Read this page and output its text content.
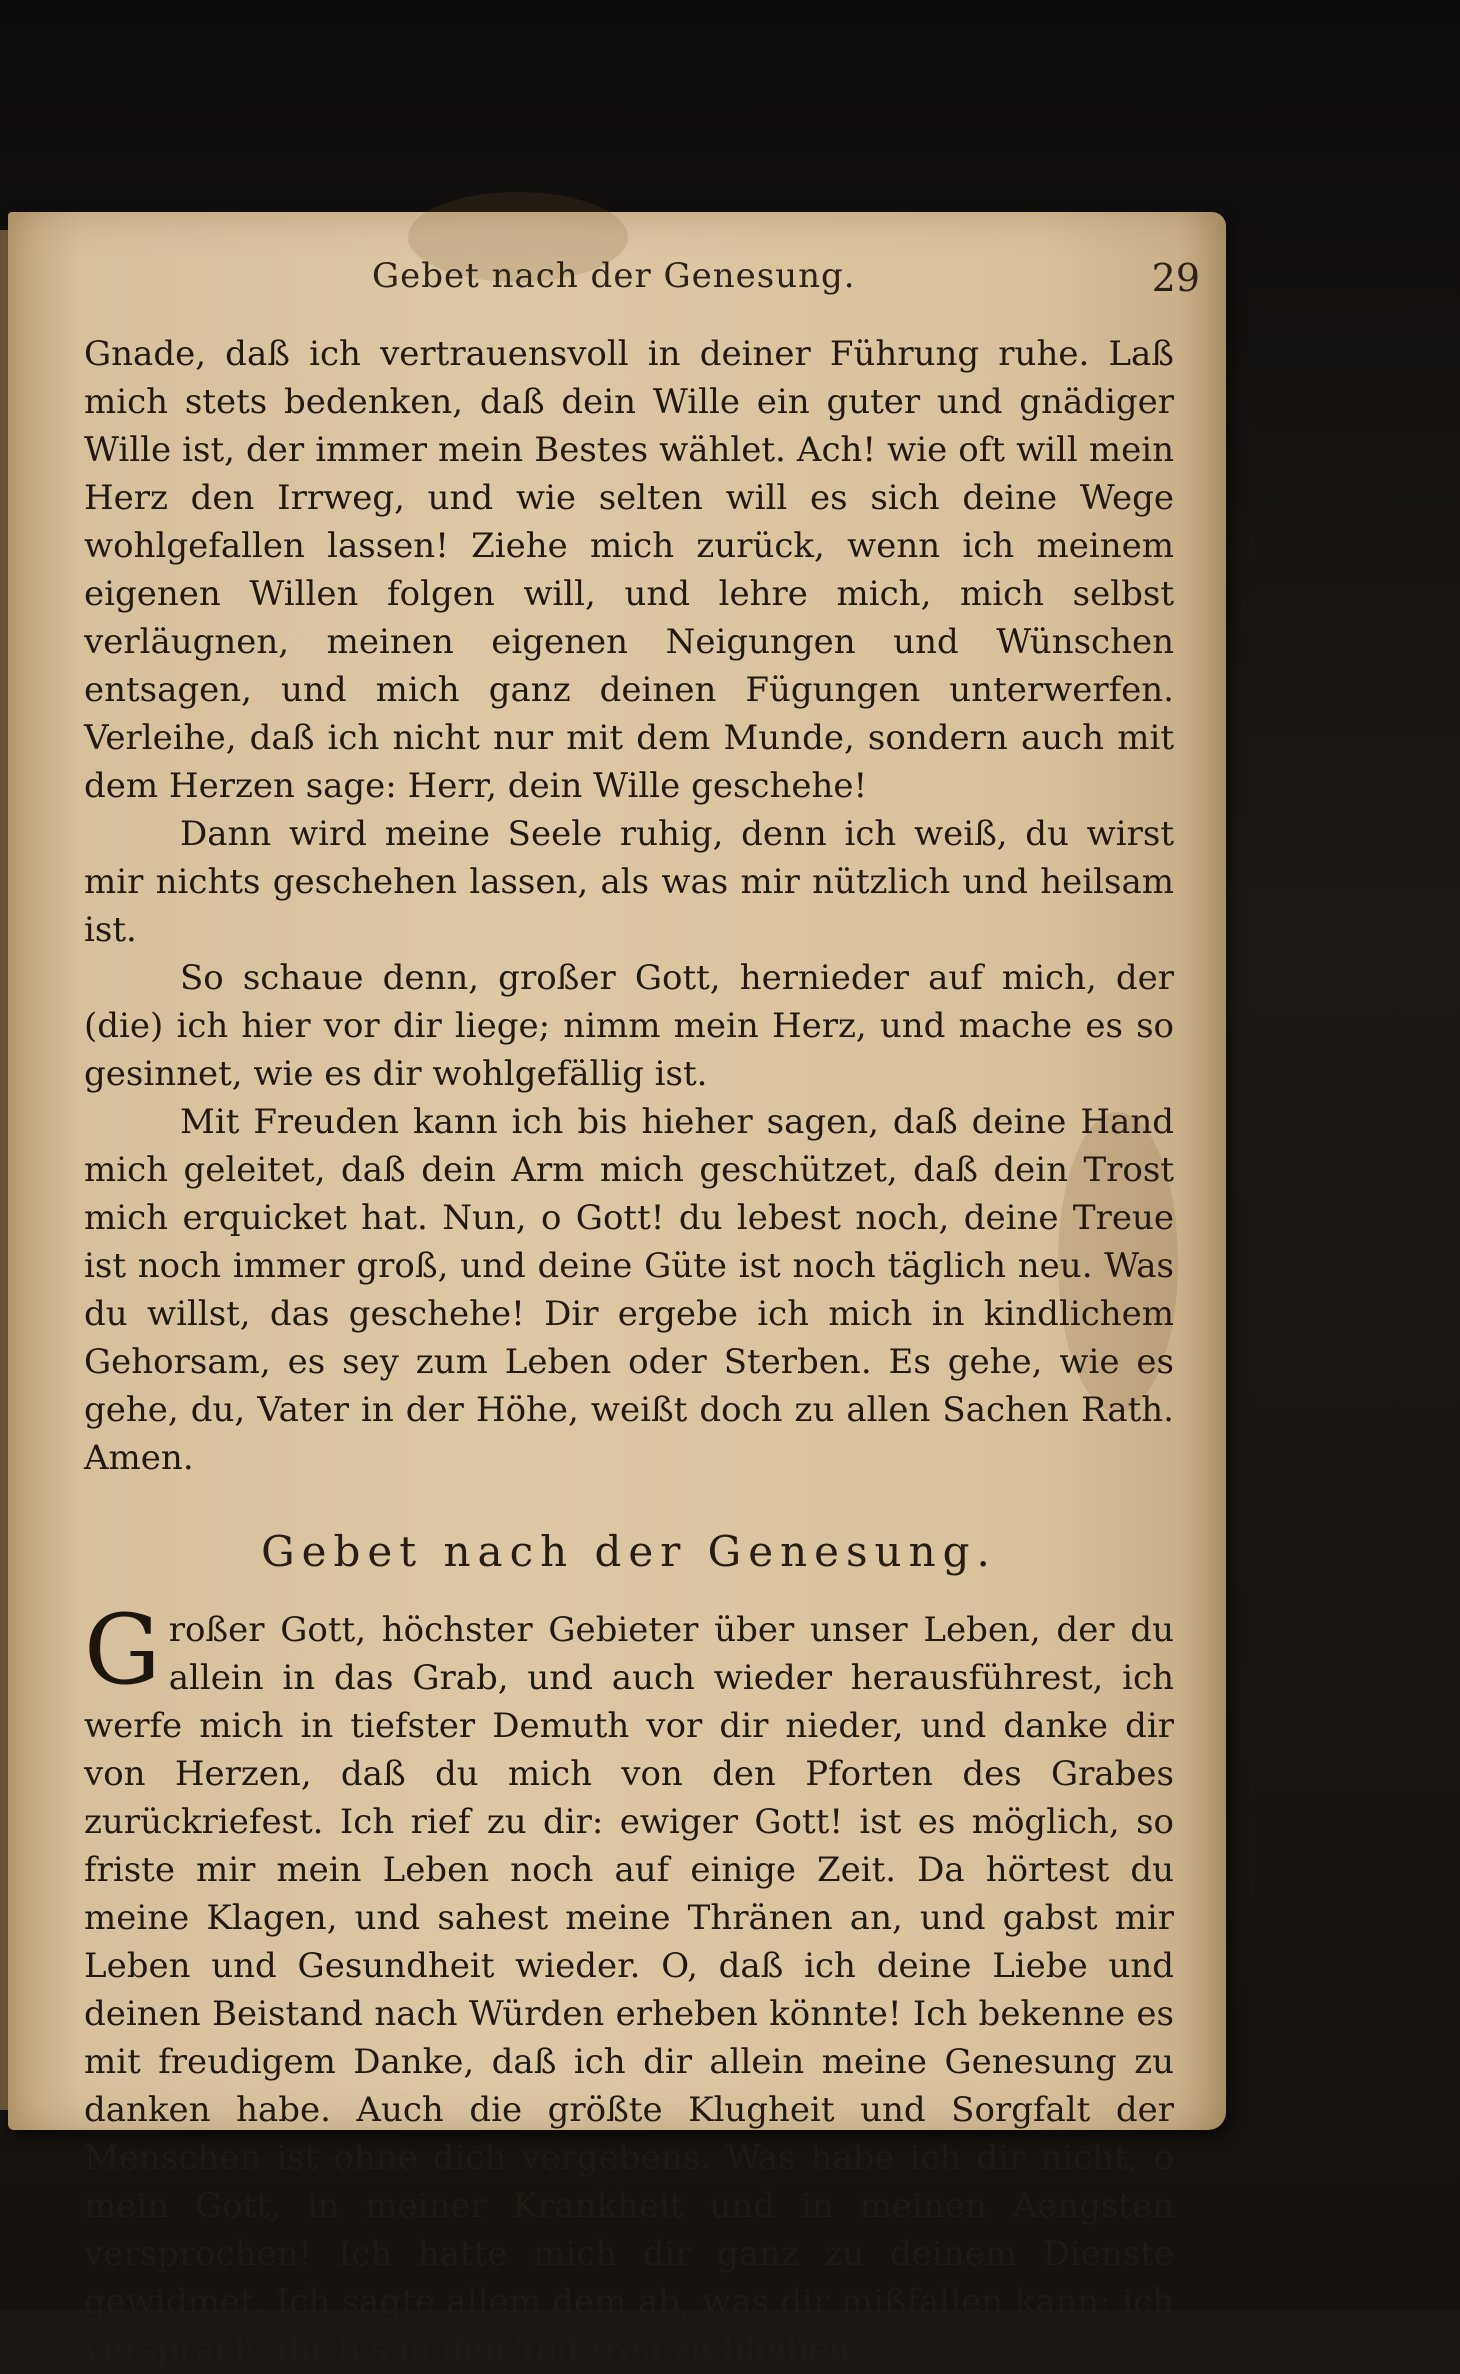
Gebet nach der Genesung.	29

Gnade, daß ich vertrauensvoll in deiner Führung ruhe. Laß mich stets bedenken, daß dein Wille ein guter und gnädiger Wille ist, der immer mein Bestes wählet. Ach! wie oft will mein Herz den Irrweg, und wie selten will es sich deine Wege wohlgefallen lassen! Ziehe mich zurück, wenn ich meinem eigenen Willen folgen will, und lehre mich, mich selbst verläugnen, meinen eigenen Neigungen und Wünschen entsagen, und mich ganz deinen Fügungen unterwerfen. Verleihe, daß ich nicht nur mit dem Munde, sondern auch mit dem Herzen sage: Herr, dein Wille geschehe!

Dann wird meine Seele ruhig, denn ich weiß, du wirst mir nichts geschehen lassen, als was mir nützlich und heilsam ist.

So schaue denn, großer Gott, hernieder auf mich, der (die) ich hier vor dir liege; nimm mein Herz, und mache es so gesinnet, wie es dir wohlgefällig ist.

Mit Freuden kann ich bis hieher sagen, daß deine Hand mich geleitet, daß dein Arm mich geschützet, daß dein Trost mich erquicket hat. Nun, o Gott! du lebest noch, deine Treue ist noch immer groß, und deine Güte ist noch täglich neu. Was du willst, das geschehe! Dir ergebe ich mich in kindlichem Gehorsam, es sey zum Leben oder Sterben. Es gehe, wie es gehe, du, Vater in der Höhe, weißt doch zu allen Sachen Rath. Amen.

Gebet nach der Genesung.

Großer Gott, höchster Gebieter über unser Leben, der du allein in das Grab, und auch wieder herausführest, ich werfe mich in tiefster Demuth vor dir nieder, und danke dir von Herzen, daß du mich von den Pforten des Grabes zurückriefest. Ich rief zu dir: ewiger Gott! ist es möglich, so friste mir mein Leben noch auf einige Zeit. Da hörtest du meine Klagen, und sahest meine Thränen an, und gabst mir Leben und Gesundheit wieder. O, daß ich deine Liebe und deinen Beistand nach Würden erheben könnte! Ich bekenne es mit freudigem Danke, daß ich dir allein meine Genesung zu danken habe. Auch die größte Klugheit und Sorgfalt der Menschen ist ohne dich vergebens. Was habe ich dir nicht, o mein Gott, in meiner Krankheit und in meinen Aengsten versprochen! Ich hatte mich dir ganz zu deinem Dienste gewidmet. Ich sagte allem dem ab, was dir mißfallen kann; ich versprach, dir bis in den Tod treu zu bleiben.
